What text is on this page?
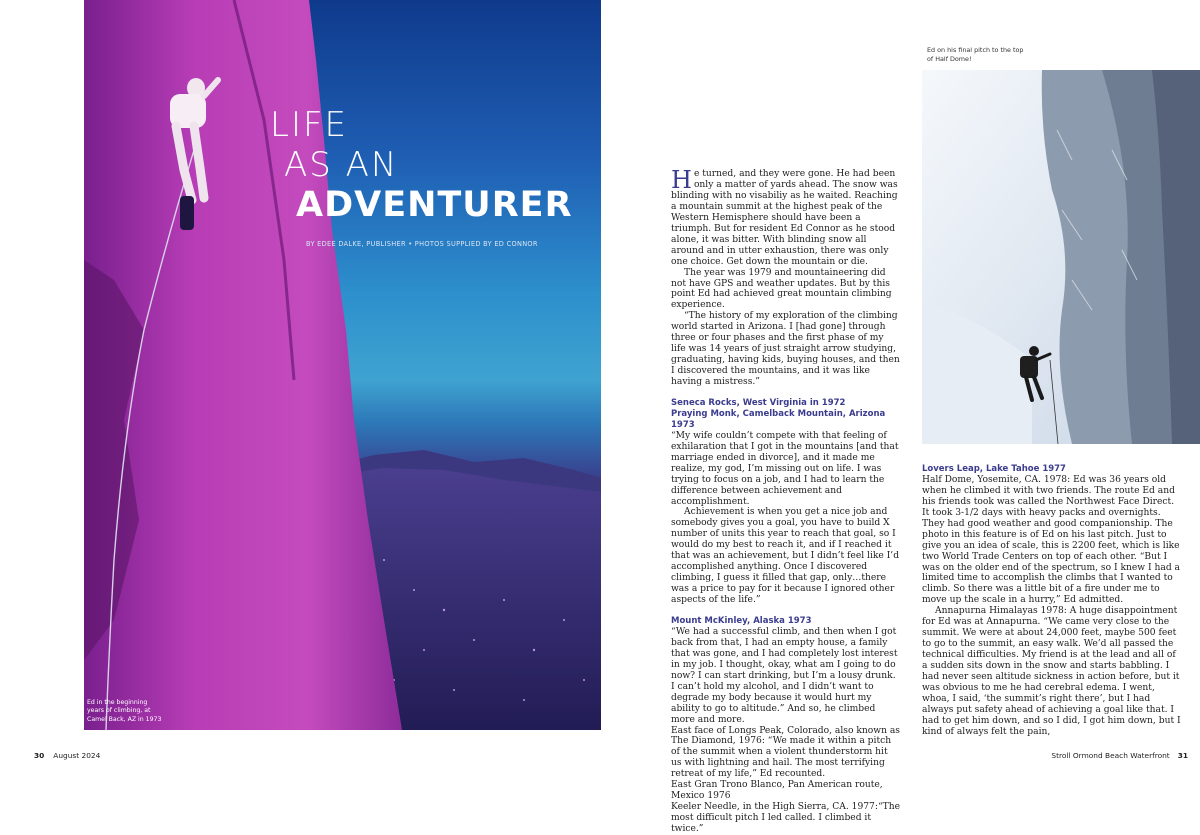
LIFE
AS AN
ADVENTURER
BY EDEE DALKE, PUBLISHER • PHOTOS SUPPLIED BY ED CONNOR
Ed in the beginning years of climbing, at Camel Back, AZ in 1973
Ed on his final pitch to the top of Half Dome!

He turned, and they were gone. He had been only a matter of yards ahead. The snow was blinding with no visabiliy as he waited. Reaching a mountain summit at the highest peak of the Western Hemisphere should have been a triumph. But for resident Ed Connor as he stood alone, it was bitter. With blinding snow all around and in utter exhaustion, there was only one choice. Get down the mountain or die.

The year was 1979 and mountaineering did not have GPS and weather updates. But by this point Ed had achieved great mountain climbing experience.

“The history of my exploration of the climbing world started in Arizona. I [had gone] through three or four phases and the first phase of my life was 14 years of just straight arrow studying, graduating, having kids, buying houses, and then I discovered the mountains, and it was like having a mistress.”

Seneca Rocks, West Virginia in 1972
Praying Monk, Camelback Mountain, Arizona 1973

“My wife couldn’t compete with that feeling of exhilaration that I got in the mountains [and that marriage ended in divorce], and it made me realize, my god, I’m missing out on life. I was trying to focus on a job, and I had to learn the difference between achievement and accomplishment.

Achievement is when you get a nice job and somebody gives you a goal, you have to build X number of units this year to reach that goal, so I would do my best to reach it, and if I reached it that was an achievement, but I didn’t feel like I’d accomplished anything. Once I discovered climbing, I guess it filled that gap, only…there was a price to pay for it because I ignored other aspects of the life.”

Mount McKinley, Alaska 1973

“We had a successful climb, and then when I got back from that, I had an empty house, a family that was gone, and I had completely lost interest in my job. I thought, okay, what am I going to do now? I can start drinking, but I’m a lousy drunk. I can’t hold my alcohol, and I didn’t want to degrade my body because it would hurt my ability to go to altitude.” And so, he climbed more and more.

East face of Longs Peak, Colorado, also known as The Diamond, 1976: “We made it within a pitch of the summit when a violent thunderstorm hit us with lightning and hail. The most terrifying retreat of my life,” Ed recounted.

East Gran Trono Blanco, Pan American route, Mexico 1976

Keeler Needle, in the High Sierra, CA. 1977:“The most difficult pitch I led called. I climbed it twice.”

Lovers Leap, Lake Tahoe 1977

Half Dome, Yosemite, CA. 1978: Ed was 36 years old when he climbed it with two friends. The route Ed and his friends took was called the Northwest Face Direct. It took 3-1/2 days with heavy packs and overnights. They had good weather and good companionship. The photo in this feature is of Ed on his last pitch. Just to give you an idea of scale, this is 2200 feet, which is like two World Trade Centers on top of each other. “But I was on the older end of the spectrum, so I knew I had a limited time to accomplish the climbs that I wanted to climb. So there was a little bit of a fire under me to move up the scale in a hurry,” Ed admitted.

Annapurna Himalayas 1978: A huge disappointment for Ed was at Annapurna. “We came very close to the summit. We were at about 24,000 feet, maybe 500 feet to go to the summit, an easy walk. We’d all passed the technical difficulties. My friend is at the lead and all of a sudden sits down in the snow and starts babbling. I had never seen altitude sickness in action before, but it was obvious to me he had cerebral edema. I went, whoa, I said, ‘the summit’s right there’, but I had always put safety ahead of achieving a goal like that. I had to get him down, and so I did, I got him down, but I kind of always felt the pain,

30 August 2024	Stroll Ormond Beach Waterfront 31
